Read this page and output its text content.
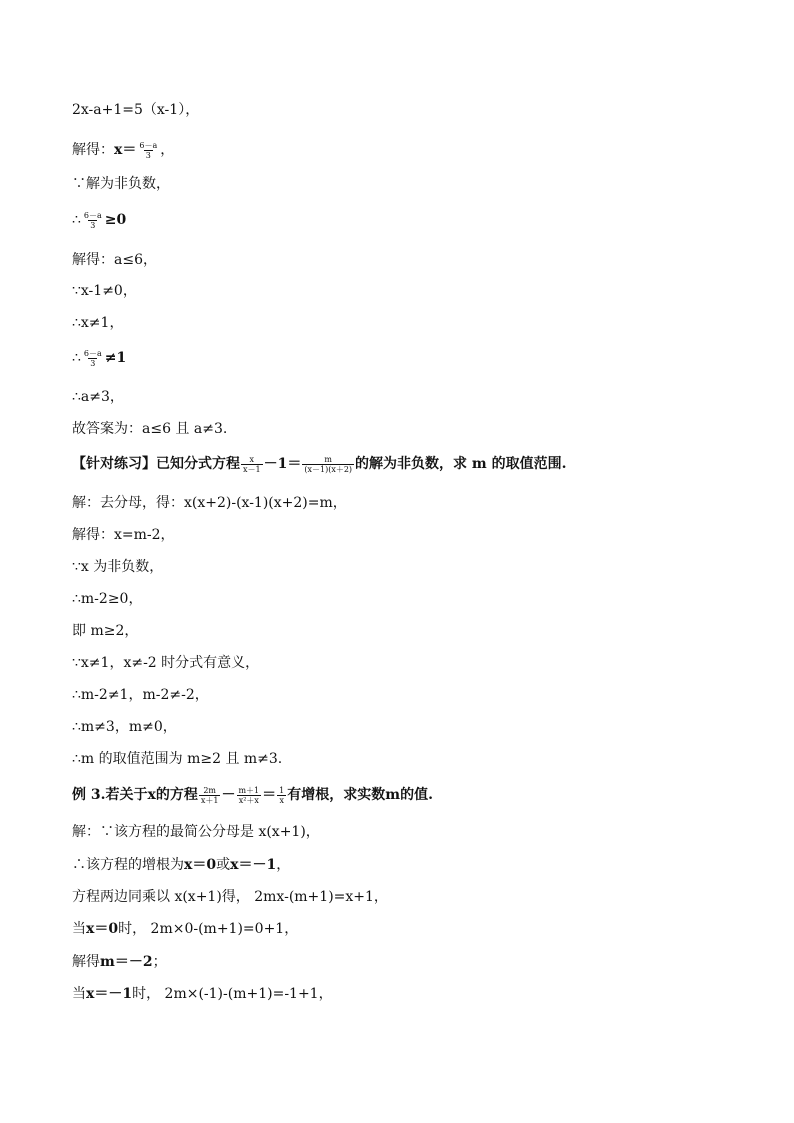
2x-a+1=5（x-1），
解得： $x= \frac{6-a}{3}$ ，
∵解为非负数，
∴ $\frac{6-a}{3} \ge 0$
解得：a≤6，
∵x-1≠0，
∴x≠1，
∴ $\frac{6-a}{3} \ne 1$
∴a≠3，
故答案为：a≤6 且 a≠3.
【针对练习】 已知分式方程 $\frac{x}{x-1} -1= \frac{m}{(x-1)(x+2)}$ 的解为非负数，求 m 的取值范围.
解：去分母，得：x(x+2)-(x-1)(x+2)=m，
解得：x=m-2，
∵x 为非负数，
∴m-2≥0，
即 m≥2，
∵x≠1，x≠-2 时分式有意义，
∴m-2≠1，m-2≠-2，
∴m≠3，m≠0，
∴m 的取值范围为 m≥2 且 m≠3.
例 3. 若关于 x 的方程 $\frac{2m}{x+1} - \frac{m+1}{\text{x²＋x}} = \frac{1}{x}$ 有增根，求实数 m 的值.
解：∵该方程的最简公分母是 x(x+1)，
∴该方程的增根为 x＝0 或 x＝－1 ，
方程两边同乘以 x(x+1)得， 2mx-(m+1)=x+1，
当 x＝0 时， 2m×0-(m+1)=0+1，
解得 m＝－2 ；
当 x＝－1 时， 2m×(-1)-(m+1)=-1+1，
